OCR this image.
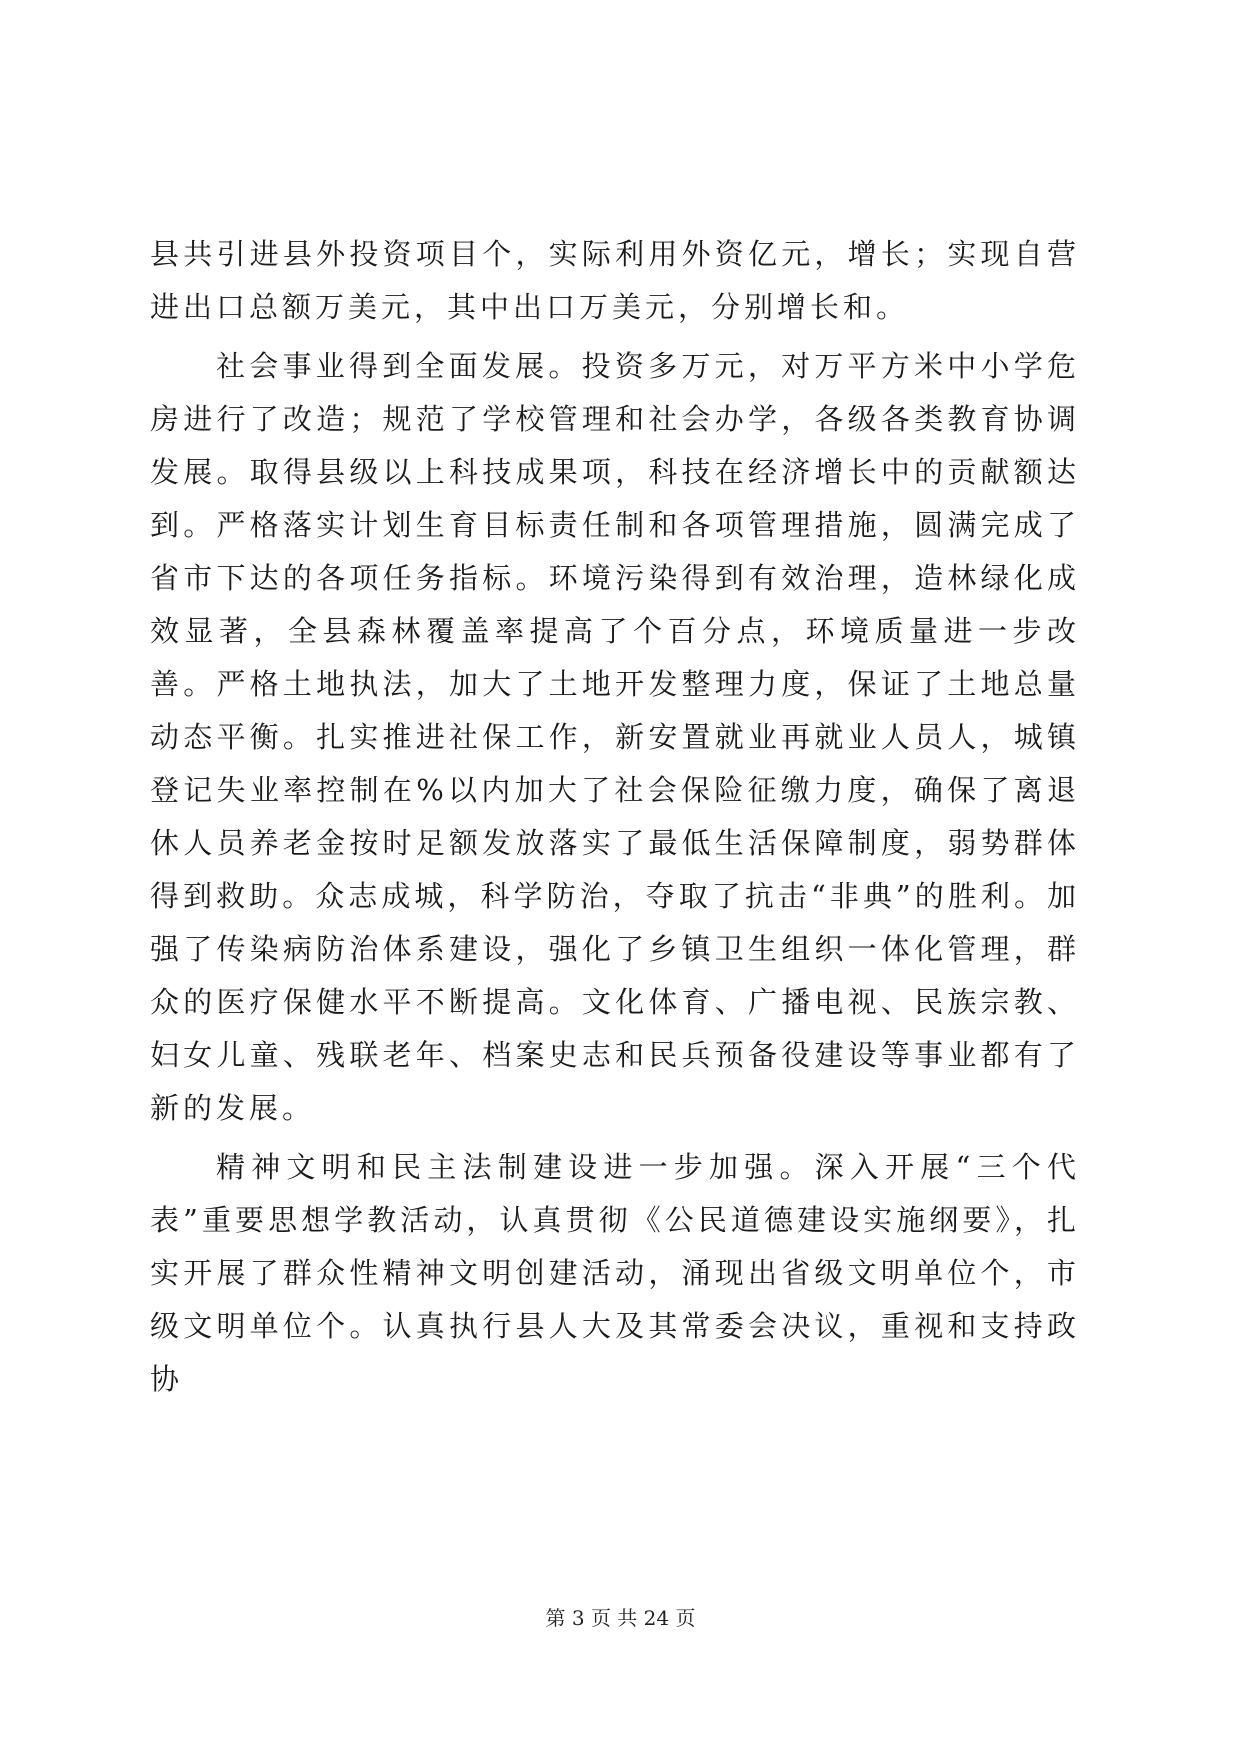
县共引进县外投资项目个，实际利用外资亿元，增长；实现自营进出口总额万美元，其中出口万美元，分别增长和。

社会事业得到全面发展。投资多万元，对万平方米中小学危房进行了改造；规范了学校管理和社会办学，各级各类教育协调发展。取得县级以上科技成果项，科技在经济增长中的贡献额达到。严格落实计划生育目标责任制和各项管理措施，圆满完成了省市下达的各项任务指标。环境污染得到有效治理，造林绿化成效显著，全县森林覆盖率提高了个百分点，环境质量进一步改善。严格土地执法，加大了土地开发整理力度，保证了土地总量动态平衡。扎实推进社保工作，新安置就业再就业人员人，城镇登记失业率控制在%以内加大了社会保险征缴力度，确保了离退休人员养老金按时足额发放落实了最低生活保障制度，弱势群体得到救助。众志成城，科学防治，夺取了抗击“非典”的胜利。加强了传染病防治体系建设，强化了乡镇卫生组织一体化管理，群众的医疗保健水平不断提高。文化体育、广播电视、民族宗教、妇女儿童、残联老年、档案史志和民兵预备役建设等事业都有了新的发展。

精神文明和民主法制建设进一步加强。深入开展“三个代表”重要思想学教活动，认真贯彻《公民道德建设实施纲要》，扎实开展了群众性精神文明创建活动，涌现出省级文明单位个，市级文明单位个。认真执行县人大及其常委会决议，重视和支持政协

第 3 页 共 24 页
